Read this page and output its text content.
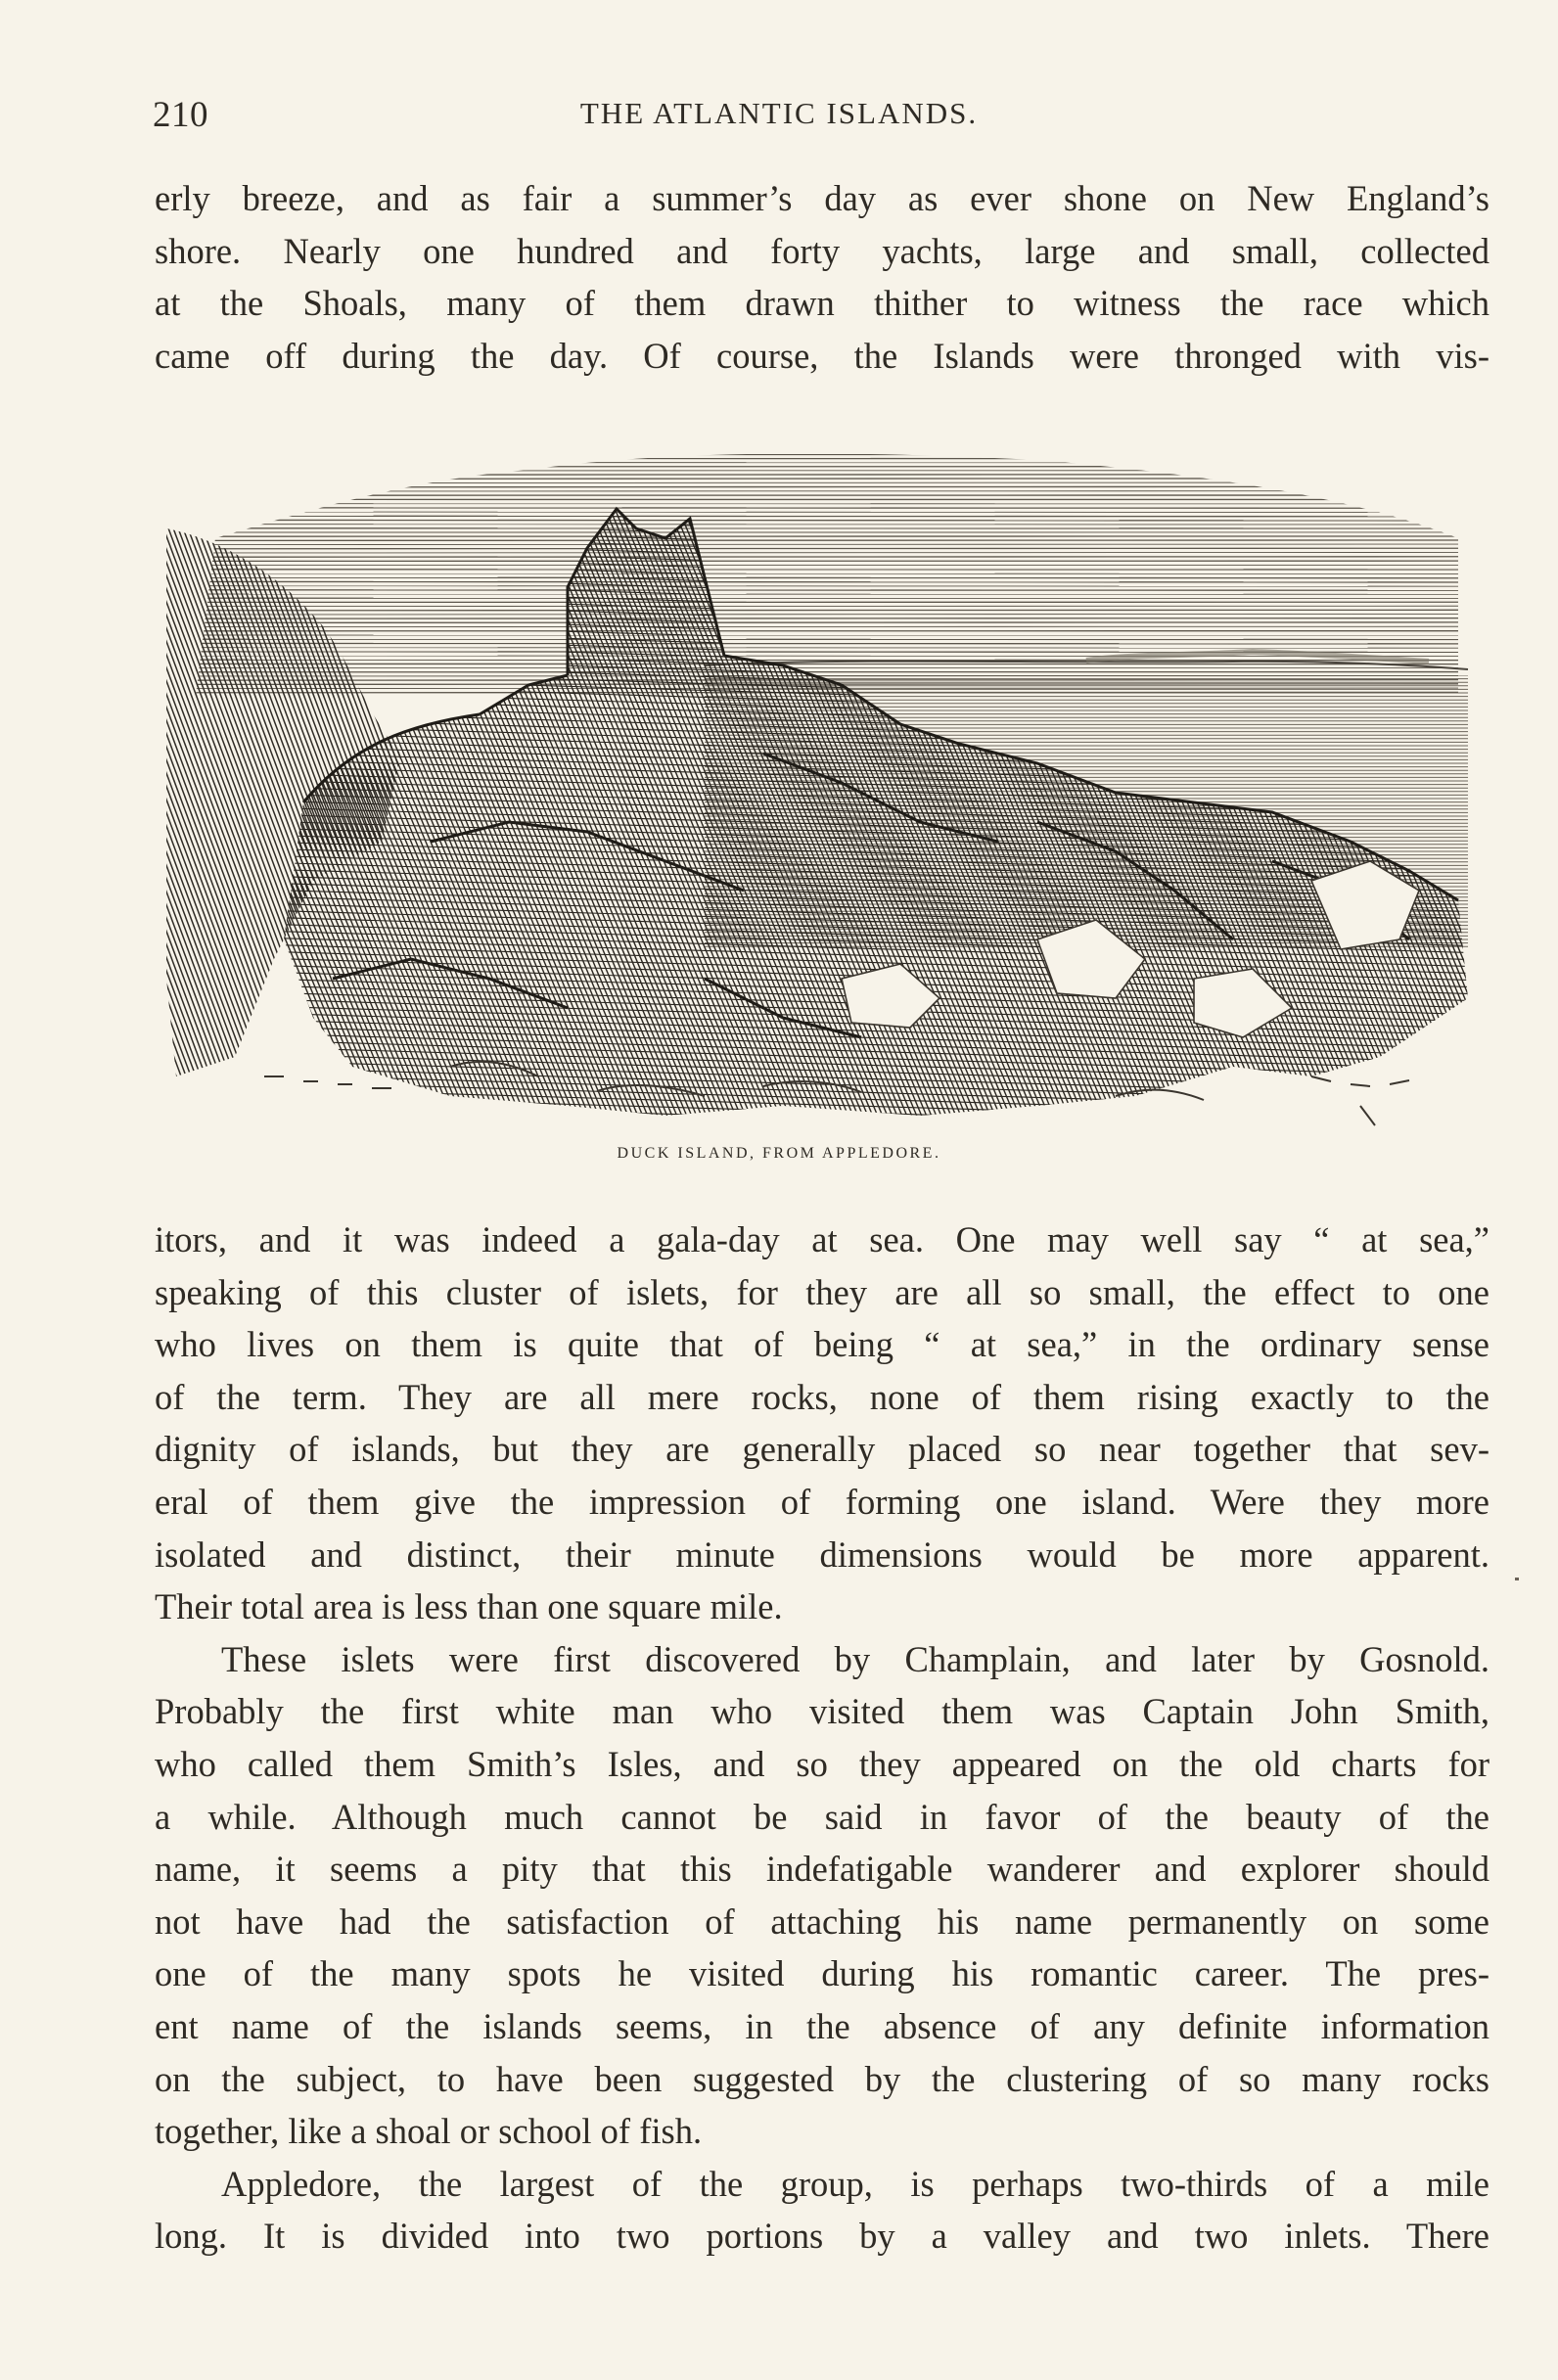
210	THE ATLANTIC ISLANDS.
erly breeze, and as fair a summer’s day as ever shone on New England’s
shore. Nearly one hundred and forty yachts, large and small, collected
at the Shoals, many of them drawn thither to witness the race which
came off during the day. Of course, the Islands were thronged with vis-
DUCK ISLAND, FROM APPLEDORE.
itors, and it was indeed a gala-day at sea. One may well say “ at sea,”
speaking of this cluster of islets, for they are all so small, the effect to one
who lives on them is quite that of being “ at sea,” in the ordinary sense
of the term. They are all mere rocks, none of them rising exactly to the
dignity of islands, but they are generally placed so near together that sev-
eral of them give the impression of forming one island. Were they more
isolated and distinct, their minute dimensions would be more apparent.
Their total area is less than one square mile.
These islets were first discovered by Champlain, and later by Gosnold.
Probably the first white man who visited them was Captain John Smith,
who called them Smith’s Isles, and so they appeared on the old charts for
a while. Although much cannot be said in favor of the beauty of the
name, it seems a pity that this indefatigable wanderer and explorer should
not have had the satisfaction of attaching his name permanently on some
one of the many spots he visited during his romantic career. The pres-
ent name of the islands seems, in the absence of any definite information
on the subject, to have been suggested by the clustering of so many rocks
together, like a shoal or school of fish.
Appledore, the largest of the group, is perhaps two-thirds of a mile
long. It is divided into two portions by a valley and two inlets. There
